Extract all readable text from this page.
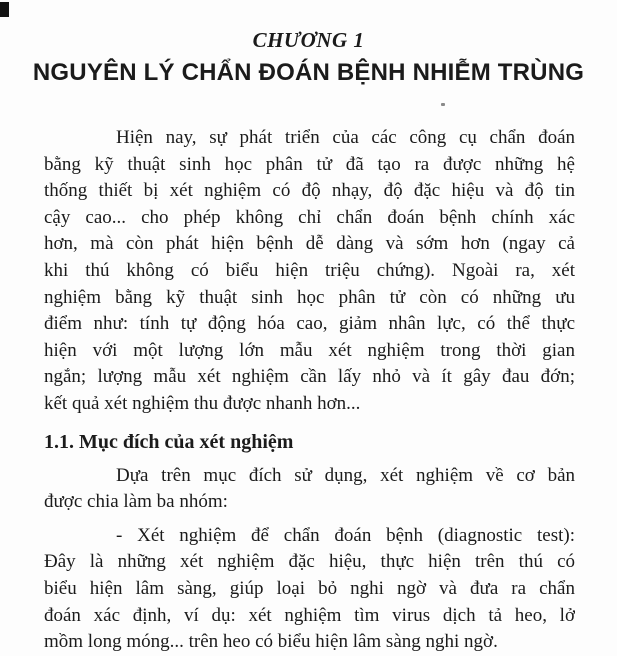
CHƯƠNG 1
NGUYÊN LÝ CHẨN ĐOÁN BỆNH NHIỄM TRÙNG
Hiện nay, sự phát triển của các công cụ chẩn đoán
bằng kỹ thuật sinh học phân tử đã tạo ra được những hệ
thống thiết bị xét nghiệm có độ nhạy, độ đặc hiệu và độ tin
cậy cao... cho phép không chỉ chẩn đoán bệnh chính xác
hơn, mà còn phát hiện bệnh dễ dàng và sớm hơn (ngay cả
khi thú không có biểu hiện triệu chứng). Ngoài ra, xét
nghiệm bằng kỹ thuật sinh học phân tử còn có những ưu
điểm như: tính tự động hóa cao, giảm nhân lực, có thể thực
hiện với một lượng lớn mẫu xét nghiệm trong thời gian
ngắn; lượng mẫu xét nghiệm cần lấy nhỏ và ít gây đau đớn;
kết quả xét nghiệm thu được nhanh hơn...
1.1. Mục đích của xét nghiệm
Dựa trên mục đích sử dụng, xét nghiệm về cơ bản
được chia làm ba nhóm:
- Xét nghiệm để chẩn đoán bệnh (diagnostic test):
Đây là những xét nghiệm đặc hiệu, thực hiện trên thú có
biểu hiện lâm sàng, giúp loại bỏ nghi ngờ và đưa ra chẩn
đoán xác định, ví dụ: xét nghiệm tìm virus dịch tả heo, lở
mồm long móng... trên heo có biểu hiện lâm sàng nghi ngờ.
